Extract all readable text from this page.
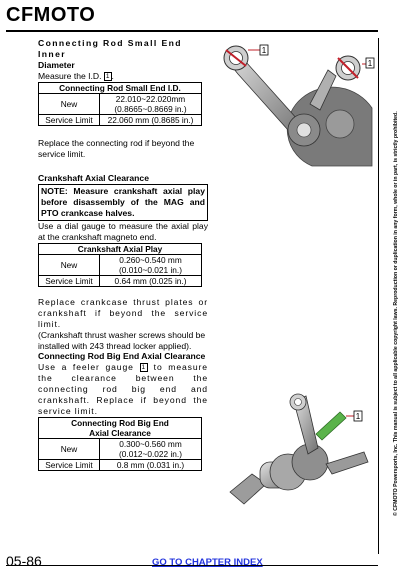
CFMOTO
Connecting Rod Small End Inner
Diameter
Measure the I.D. 1 .
Connecting Rod Small End I.D.	
New	22.010~22.020mm
(0.8665~0.8669 in.)

Service Limit	22.060 mm (0.8685 in.)
Replace the connecting rod if beyond the service limit.
Crankshaft Axial Clearance
NOTE: Measure crankshaft axial play before disassembly of the MAG and PTO crankcase halves.
Use a dial gauge to measure the axial play at the crankshaft magneto end.
Crankshaft Axial Play	
New	0.260~0.540 mm
(0.010~0.021 in.)

Service Limit	0.64 mm (0.025 in.)
Replace crankcase thrust plates or crankshaft if beyond the service limit.
(Crankshaft thrust washer screws should be installed with 243 thread locker applied).
Connecting Rod Big End Axial Clearance
Use a feeler gauge 1 to measure the clearance between the connecting rod big end and crankshaft. Replace if beyond the service limit.
Connecting Rod Big End
Axial Clearance	

New	0.300~0.560 mm
(0.012~0.022 in.)

Service Limit	0.8 mm (0.031 in.)
1
1
1	© CFMOTO Powersports, Inc. This manual is subject to all applicable copyright laws. Reproduction or duplication in any form, whole or in part, is strictly prohibited.
05-86	GO TO CHAPTER INDEX
